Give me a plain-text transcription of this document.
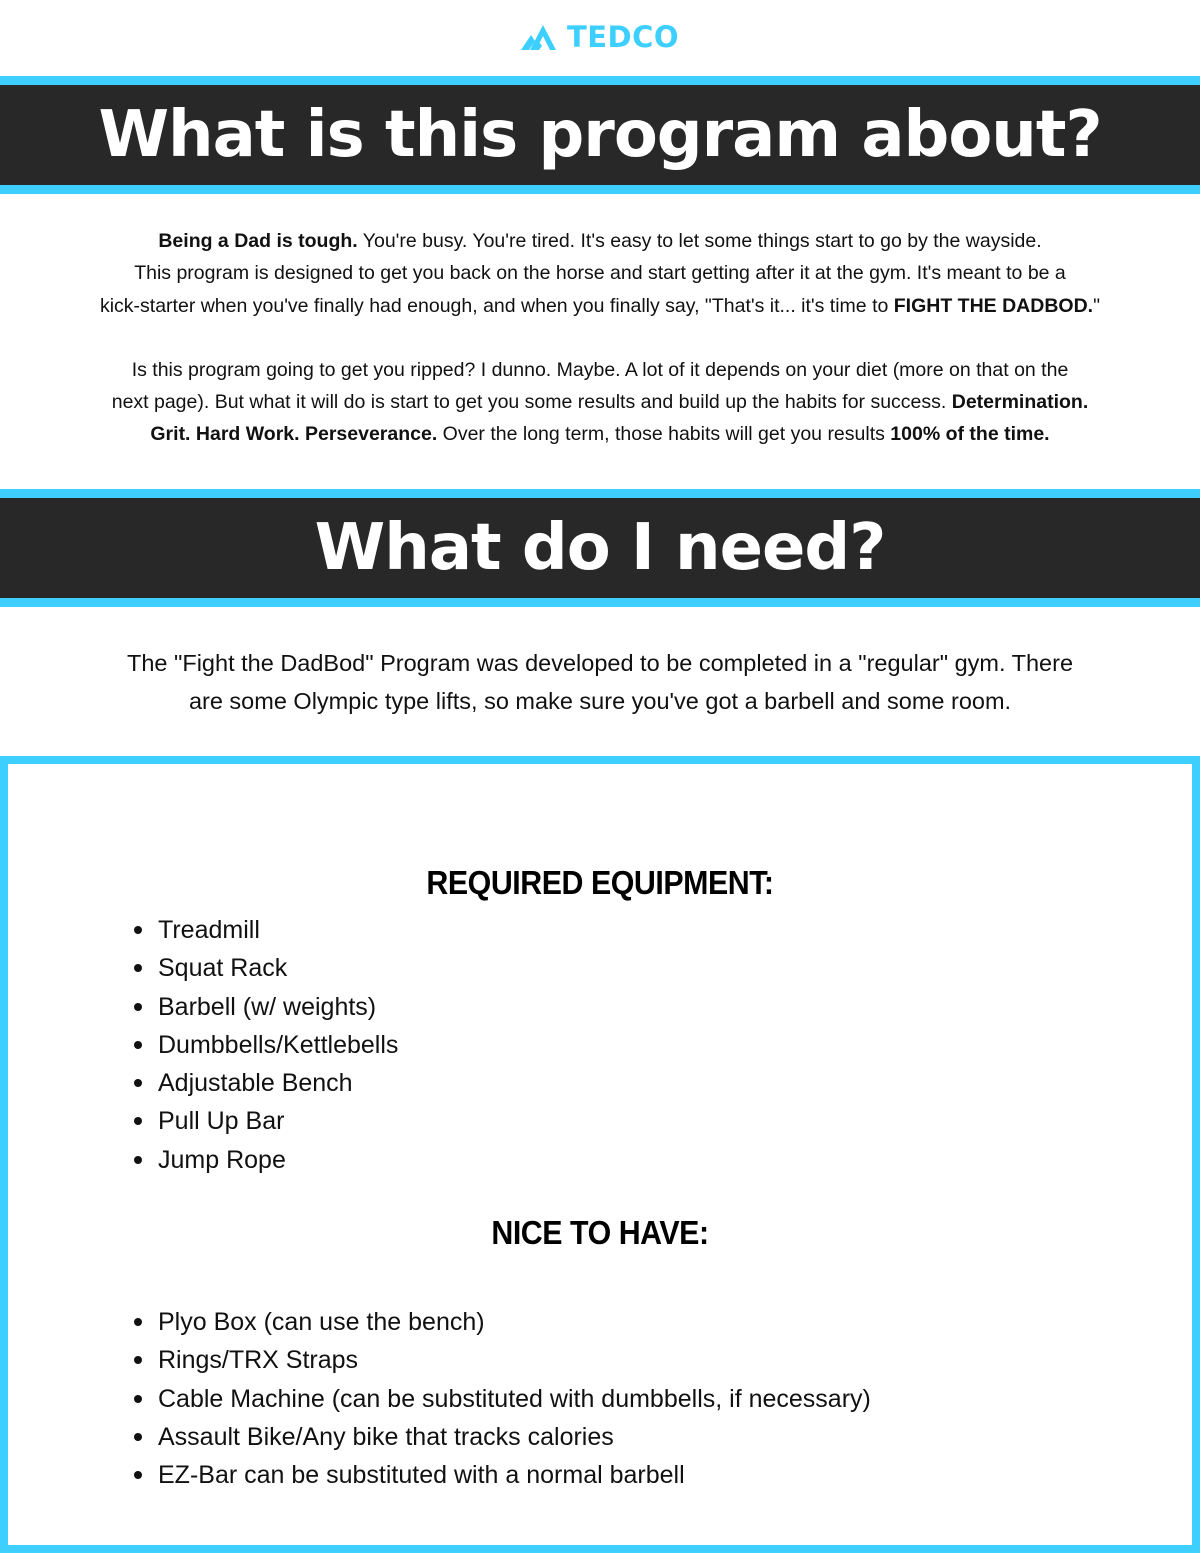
TEDCO
What is this program about?

Being a Dad is tough. You're busy. You're tired. It's easy to let some things start to go by the wayside.

This program is designed to get you back on the horse and start getting after it at the gym. It's meant to be a

kick-starter when you've finally had enough, and when you finally say, "That's it... it's time to FIGHT THE DADBOD."

Is this program going to get you ripped? I dunno. Maybe. A lot of it depends on your diet (more on that on the

next page). But what it will do is start to get you some results and build up the habits for success. Determination.

Grit. Hard Work. Perseverance. Over the long term, those habits will get you results 100% of the time.

What do I need?

The "Fight the DadBod" Program was developed to be completed in a "regular" gym. There

are some Olympic type lifts, so make sure you've got a barbell and some room.

REQUIRED EQUIPMENT:
Treadmill
Squat Rack
Barbell (w/ weights)
Dumbbells/Kettlebells
Adjustable Bench
Pull Up Bar
Jump Rope
NICE TO HAVE:
Plyo Box (can use the bench)
Rings/TRX Straps
Cable Machine (can be substituted with dumbbells, if necessary)
Assault Bike/Any bike that tracks calories
EZ-Bar can be substituted with a normal barbell
